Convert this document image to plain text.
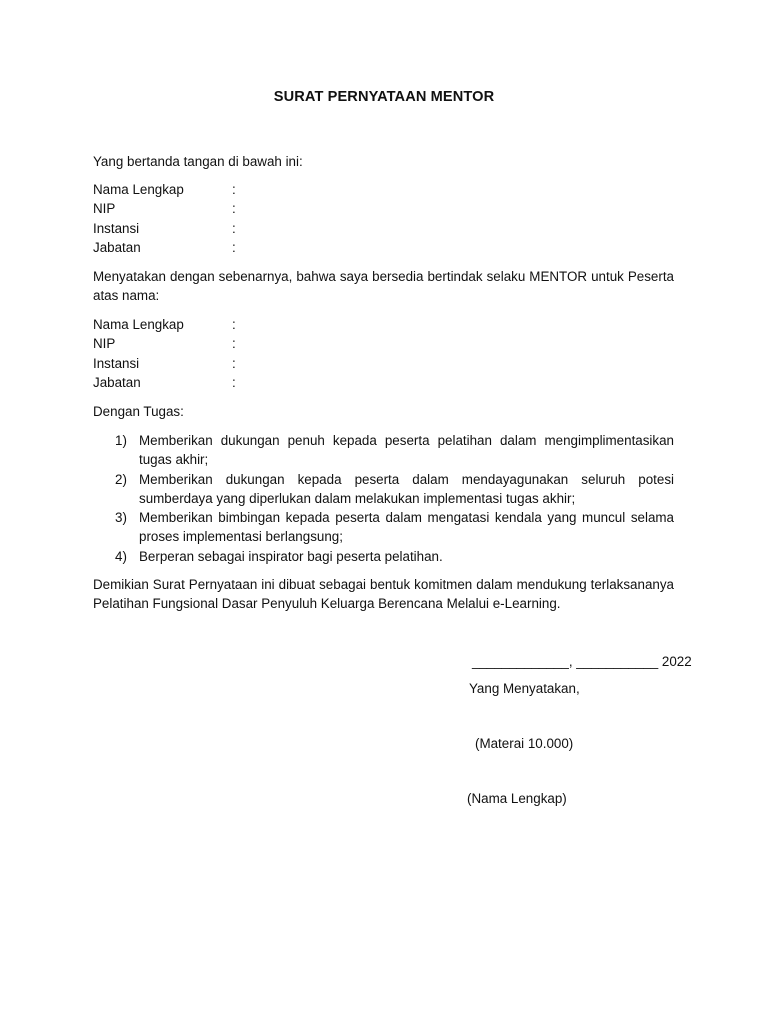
SURAT PERNYATAAN MENTOR
Yang bertanda tangan di bawah ini:
Nama Lengkap	:
NIP	:
Instansi	:
Jabatan	:
Menyatakan dengan sebenarnya, bahwa saya bersedia bertindak selaku MENTOR untuk Peserta atas nama:
Nama Lengkap	:
NIP	:
Instansi	:
Jabatan	:
Dengan Tugas:
1) Memberikan dukungan penuh kepada peserta pelatihan dalam mengimplimentasikan tugas akhir;
2) Memberikan dukungan kepada peserta dalam mendayagunakan seluruh potesi sumberdaya yang diperlukan dalam melakukan implementasi tugas akhir;
3) Memberikan bimbingan kepada peserta dalam mengatasi kendala yang muncul selama proses implementasi berlangsung;
4) Berperan sebagai inspirator bagi peserta pelatihan.
Demikian Surat Pernyataan ini dibuat sebagai bentuk komitmen dalam mendukung terlaksananya Pelatihan Fungsional Dasar Penyuluh Keluarga Berencana Melalui e-Learning.
_____________, ___________ 2022
Yang Menyatakan,
(Materai 10.000)
(Nama Lengkap)
